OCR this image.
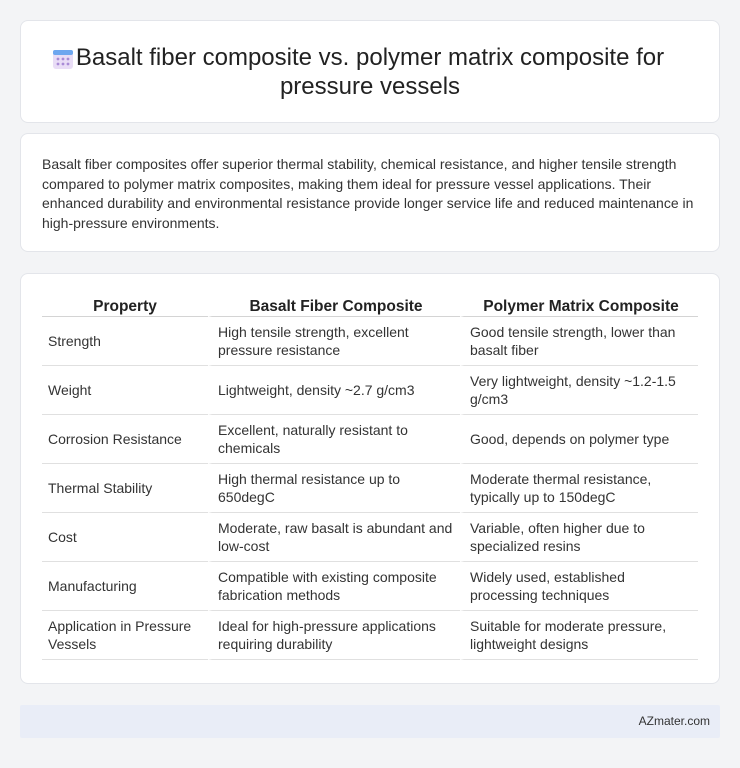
Basalt fiber composite vs. polymer matrix composite for pressure vessels

Basalt fiber composites offer superior thermal stability, chemical resistance, and higher tensile strength compared to polymer matrix composites, making them ideal for pressure vessel applications. Their enhanced durability and environmental resistance provide longer service life and reduced maintenance in high-pressure environments.

Property	Basalt Fiber Composite	Polymer Matrix Composite
Strength	High tensile strength, excellent pressure resistance	Good tensile strength, lower than basalt fiber
Weight	Lightweight, density ~2.7 g/cm3	Very lightweight, density ~1.2-1.5 g/cm3
Corrosion Resistance	Excellent, naturally resistant to chemicals	Good, depends on polymer type
Thermal Stability	High thermal resistance up to 650degC	Moderate thermal resistance, typically up to 150degC
Cost	Moderate, raw basalt is abundant and low-cost	Variable, often higher due to specialized resins
Manufacturing	Compatible with existing composite fabrication methods	Widely used, established processing techniques
Application in Pressure Vessels	Ideal for high-pressure applications requiring durability	Suitable for moderate pressure, lightweight designs
AZmater.com
